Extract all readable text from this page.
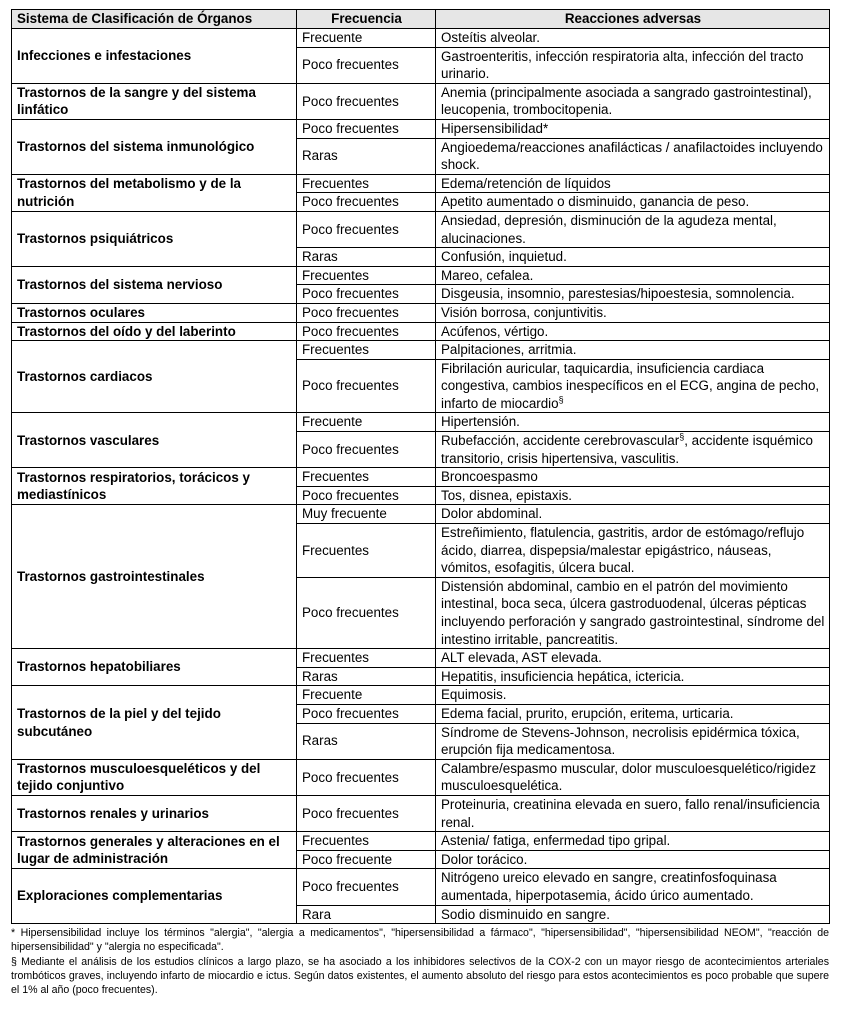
Sistema de Clasificación de Órganos	Frecuencia	Reacciones adversas
Infecciones e infestaciones	Frecuente	Osteítis alveolar.
	Poco frecuentes	Gastroenteritis, infección respiratoria alta, infección del tracto urinario.
Trastornos de la sangre y del sistema linfático	Poco frecuentes	Anemia (principalmente asociada a sangrado gastrointestinal), leucopenia, trombocitopenia.
Trastornos del sistema inmunológico	Poco frecuentes	Hipersensibilidad*
	Raras	Angioedema/reacciones anafilácticas / anafilactoides incluyendo shock.
Trastornos del metabolismo y de la nutrición	Frecuentes	Edema/retención de líquidos
	Poco frecuentes	Apetito aumentado o disminuido, ganancia de peso.
Trastornos psiquiátricos	Poco frecuentes	Ansiedad, depresión, disminución de la agudeza mental, alucinaciones.
	Raras	Confusión, inquietud.
Trastornos del sistema nervioso	Frecuentes	Mareo, cefalea.
	Poco frecuentes	Disgeusia, insomnio, parestesias/hipoestesia, somnolencia.
Trastornos oculares	Poco frecuentes	Visión borrosa, conjuntivitis.
Trastornos del oído y del laberinto	Poco frecuentes	Acúfenos, vértigo.
Trastornos cardiacos	Frecuentes	Palpitaciones, arritmia.
	Poco frecuentes	Fibrilación auricular, taquicardia, insuficiencia cardiaca congestiva, cambios inespecíficos en el ECG, angina de pecho, infarto de miocardio§
Trastornos vasculares	Frecuente	Hipertensión.
	Poco frecuentes	Rubefacción, accidente cerebrovascular§, accidente isquémico transitorio, crisis hipertensiva, vasculitis.
Trastornos respiratorios, torácicos y mediastínicos	Frecuentes	Broncoespasmo
	Poco frecuentes	Tos, disnea, epistaxis.
Trastornos gastrointestinales	Muy frecuente	Dolor abdominal.
	Frecuentes	Estreñimiento, flatulencia, gastritis, ardor de estómago/reflujo ácido, diarrea, dispepsia/malestar epigástrico, náuseas, vómitos, esofagitis, úlcera bucal.
	Poco frecuentes	Distensión abdominal, cambio en el patrón del movimiento intestinal, boca seca, úlcera gastroduodenal, úlceras pépticas incluyendo perforación y sangrado gastrointestinal, síndrome del intestino irritable, pancreatitis.
Trastornos hepatobiliares	Frecuentes	ALT elevada, AST elevada.
	Raras	Hepatitis, insuficiencia hepática, ictericia.
Trastornos de la piel y del tejido subcutáneo	Frecuente	Equimosis.
	Poco frecuentes	Edema facial, prurito, erupción, eritema, urticaria.
	Raras	Síndrome de Stevens-Johnson, necrolisis epidérmica tóxica, erupción fija medicamentosa.
Trastornos musculoesqueléticos y del tejido conjuntivo	Poco frecuentes	Calambre/espasmo muscular, dolor musculoesquelético/rigidez musculoesquelética.
Trastornos renales y urinarios	Poco frecuentes	Proteinuria, creatinina elevada en suero, fallo renal/insuficiencia renal.
Trastornos generales y alteraciones en el lugar de administración	Frecuentes	Astenia/ fatiga, enfermedad tipo gripal.
	Poco frecuente	Dolor torácico.
Exploraciones complementarias	Poco frecuentes	Nitrógeno ureico elevado en sangre, creatinfosfoquinasa aumentada, hiperpotasemia, ácido úrico aumentado.
	Rara	Sodio disminuido en sangre.

* Hipersensibilidad incluye los términos "alergia", "alergia a medicamentos", "hipersensibilidad a fármaco", "hipersensibilidad", "hipersensibilidad NEOM", "reacción de hipersensibilidad" y "alergia no especificada".

§ Mediante el análisis de los estudios clínicos a largo plazo, se ha asociado a los inhibidores selectivos de la COX-2 con un mayor riesgo de acontecimientos arteriales trombóticos graves, incluyendo infarto de miocardio e ictus. Según datos existentes, el aumento absoluto del riesgo para estos acontecimientos es poco probable que supere el 1% al año (poco frecuentes).
